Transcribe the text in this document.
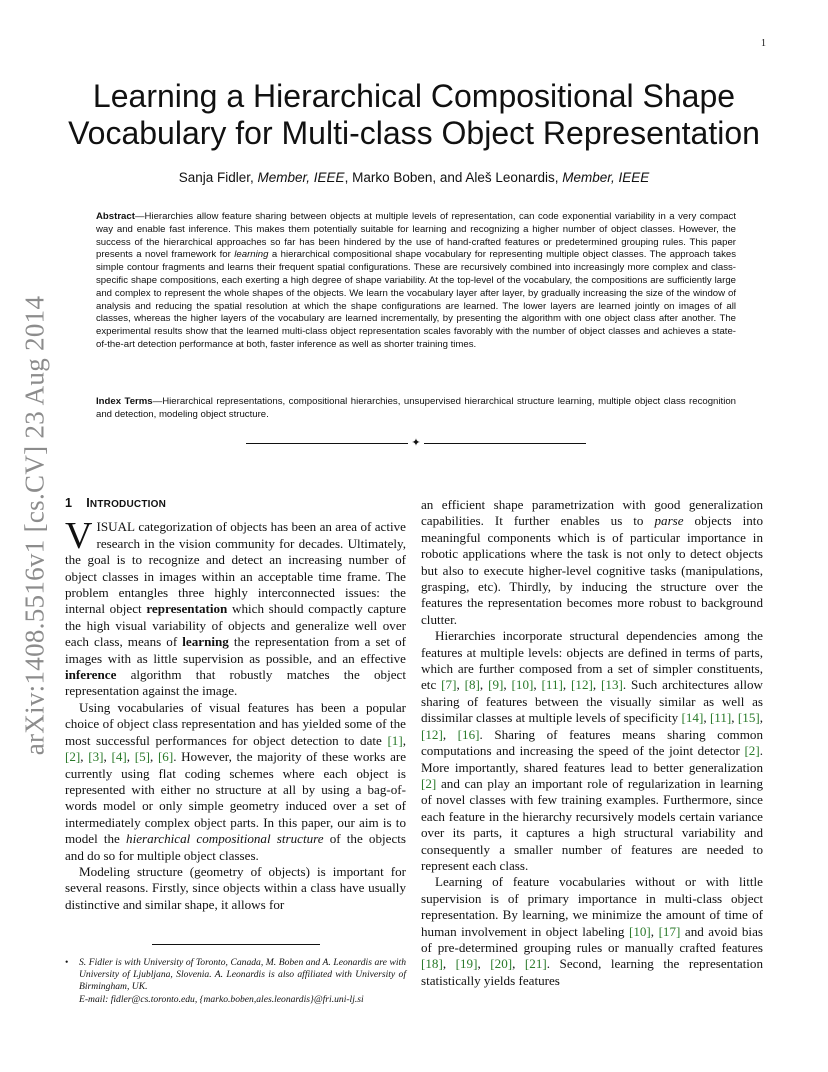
1
arXiv:1408.5516v1 [cs.CV] 23 Aug 2014
Learning a Hierarchical Compositional Shape
Vocabulary for Multi-class Object Representation
Sanja Fidler, Member, IEEE, Marko Boben, and Aleš Leonardis, Member, IEEE
Abstract—Hierarchies allow feature sharing between objects at multiple levels of representation, can code exponential variability in a very compact way and enable fast inference. This makes them potentially suitable for learning and recognizing a higher number of object classes. However, the success of the hierarchical approaches so far has been hindered by the use of hand-crafted features or predetermined grouping rules. This paper presents a novel framework for learning a hierarchical compositional shape vocabulary for representing multiple object classes. The approach takes simple contour fragments and learns their frequent spatial configurations. These are recursively combined into increasingly more complex and class-specific shape compositions, each exerting a high degree of shape variability. At the top-level of the vocabulary, the compositions are sufficiently large and complex to represent the whole shapes of the objects. We learn the vocabulary layer after layer, by gradually increasing the size of the window of analysis and reducing the spatial resolution at which the shape configurations are learned. The lower layers are learned jointly on images of all classes, whereas the higher layers of the vocabulary are learned incrementally, by presenting the algorithm with one object class after another. The experimental results show that the learned multi-class object representation scales favorably with the number of object classes and achieves a state-of-the-art detection performance at both, faster inference as well as shorter training times.
Index Terms—Hierarchical representations, compositional hierarchies, unsupervised hierarchical structure learning, multiple object class recognition and detection, modeling object structure.
✦
1 INTRODUCTION

VISUAL categorization of objects has been an area of active research in the vision community for decades. Ultimately, the goal is to recognize and detect an increasing number of object classes in images within an acceptable time frame. The problem entangles three highly interconnected issues: the internal object representation which should compactly capture the high visual variability of objects and generalize well over each class, means of learning the representation from a set of images with as little supervision as possible, and an effective inference algorithm that robustly matches the object representation against the image.

Using vocabularies of visual features has been a popular choice of object class representation and has yielded some of the most successful performances for object detection to date [1], [2], [3], [4], [5], [6]. However, the majority of these works are currently using flat coding schemes where each object is represented with either no structure at all by using a bag-of-words model or only simple geometry induced over a set of intermediately complex object parts. In this paper, our aim is to model the hierarchical compositional structure of the objects and do so for multiple object classes.

Modeling structure (geometry of objects) is important for several reasons. Firstly, since objects within a class have usually distinctive and similar shape, it allows for

• S. Fidler is with University of Toronto, Canada, M. Boben and A. Leonardis are with University of Ljubljana, Slovenia. A. Leonardis is also affiliated with University of Birmingham, UK.
E-mail: fidler@cs.toronto.edu, {marko.boben,ales.leonardis}@fri.uni-lj.si

an efficient shape parametrization with good generalization capabilities. It further enables us to parse objects into meaningful components which is of particular importance in robotic applications where the task is not only to detect objects but also to execute higher-level cognitive tasks (manipulations, grasping, etc). Thirdly, by inducing the structure over the features the representation becomes more robust to background clutter.

Hierarchies incorporate structural dependencies among the features at multiple levels: objects are defined in terms of parts, which are further composed from a set of simpler constituents, etc [7], [8], [9], [10], [11], [12], [13]. Such architectures allow sharing of features between the visually similar as well as dissimilar classes at multiple levels of specificity [14], [11], [15], [12], [16]. Sharing of features means sharing common computations and increasing the speed of the joint detector [2]. More importantly, shared features lead to better generalization [2] and can play an important role of regularization in learning of novel classes with few training examples. Furthermore, since each feature in the hierarchy recursively models certain variance over its parts, it captures a high structural variability and consequently a smaller number of features are needed to represent each class.

Learning of feature vocabularies without or with little supervision is of primary importance in multi-class object representation. By learning, we minimize the amount of time of human involvement in object labeling [10], [17] and avoid bias of pre-determined grouping rules or manually crafted features [18], [19], [20], [21]. Second, learning the representation statistically yields features
